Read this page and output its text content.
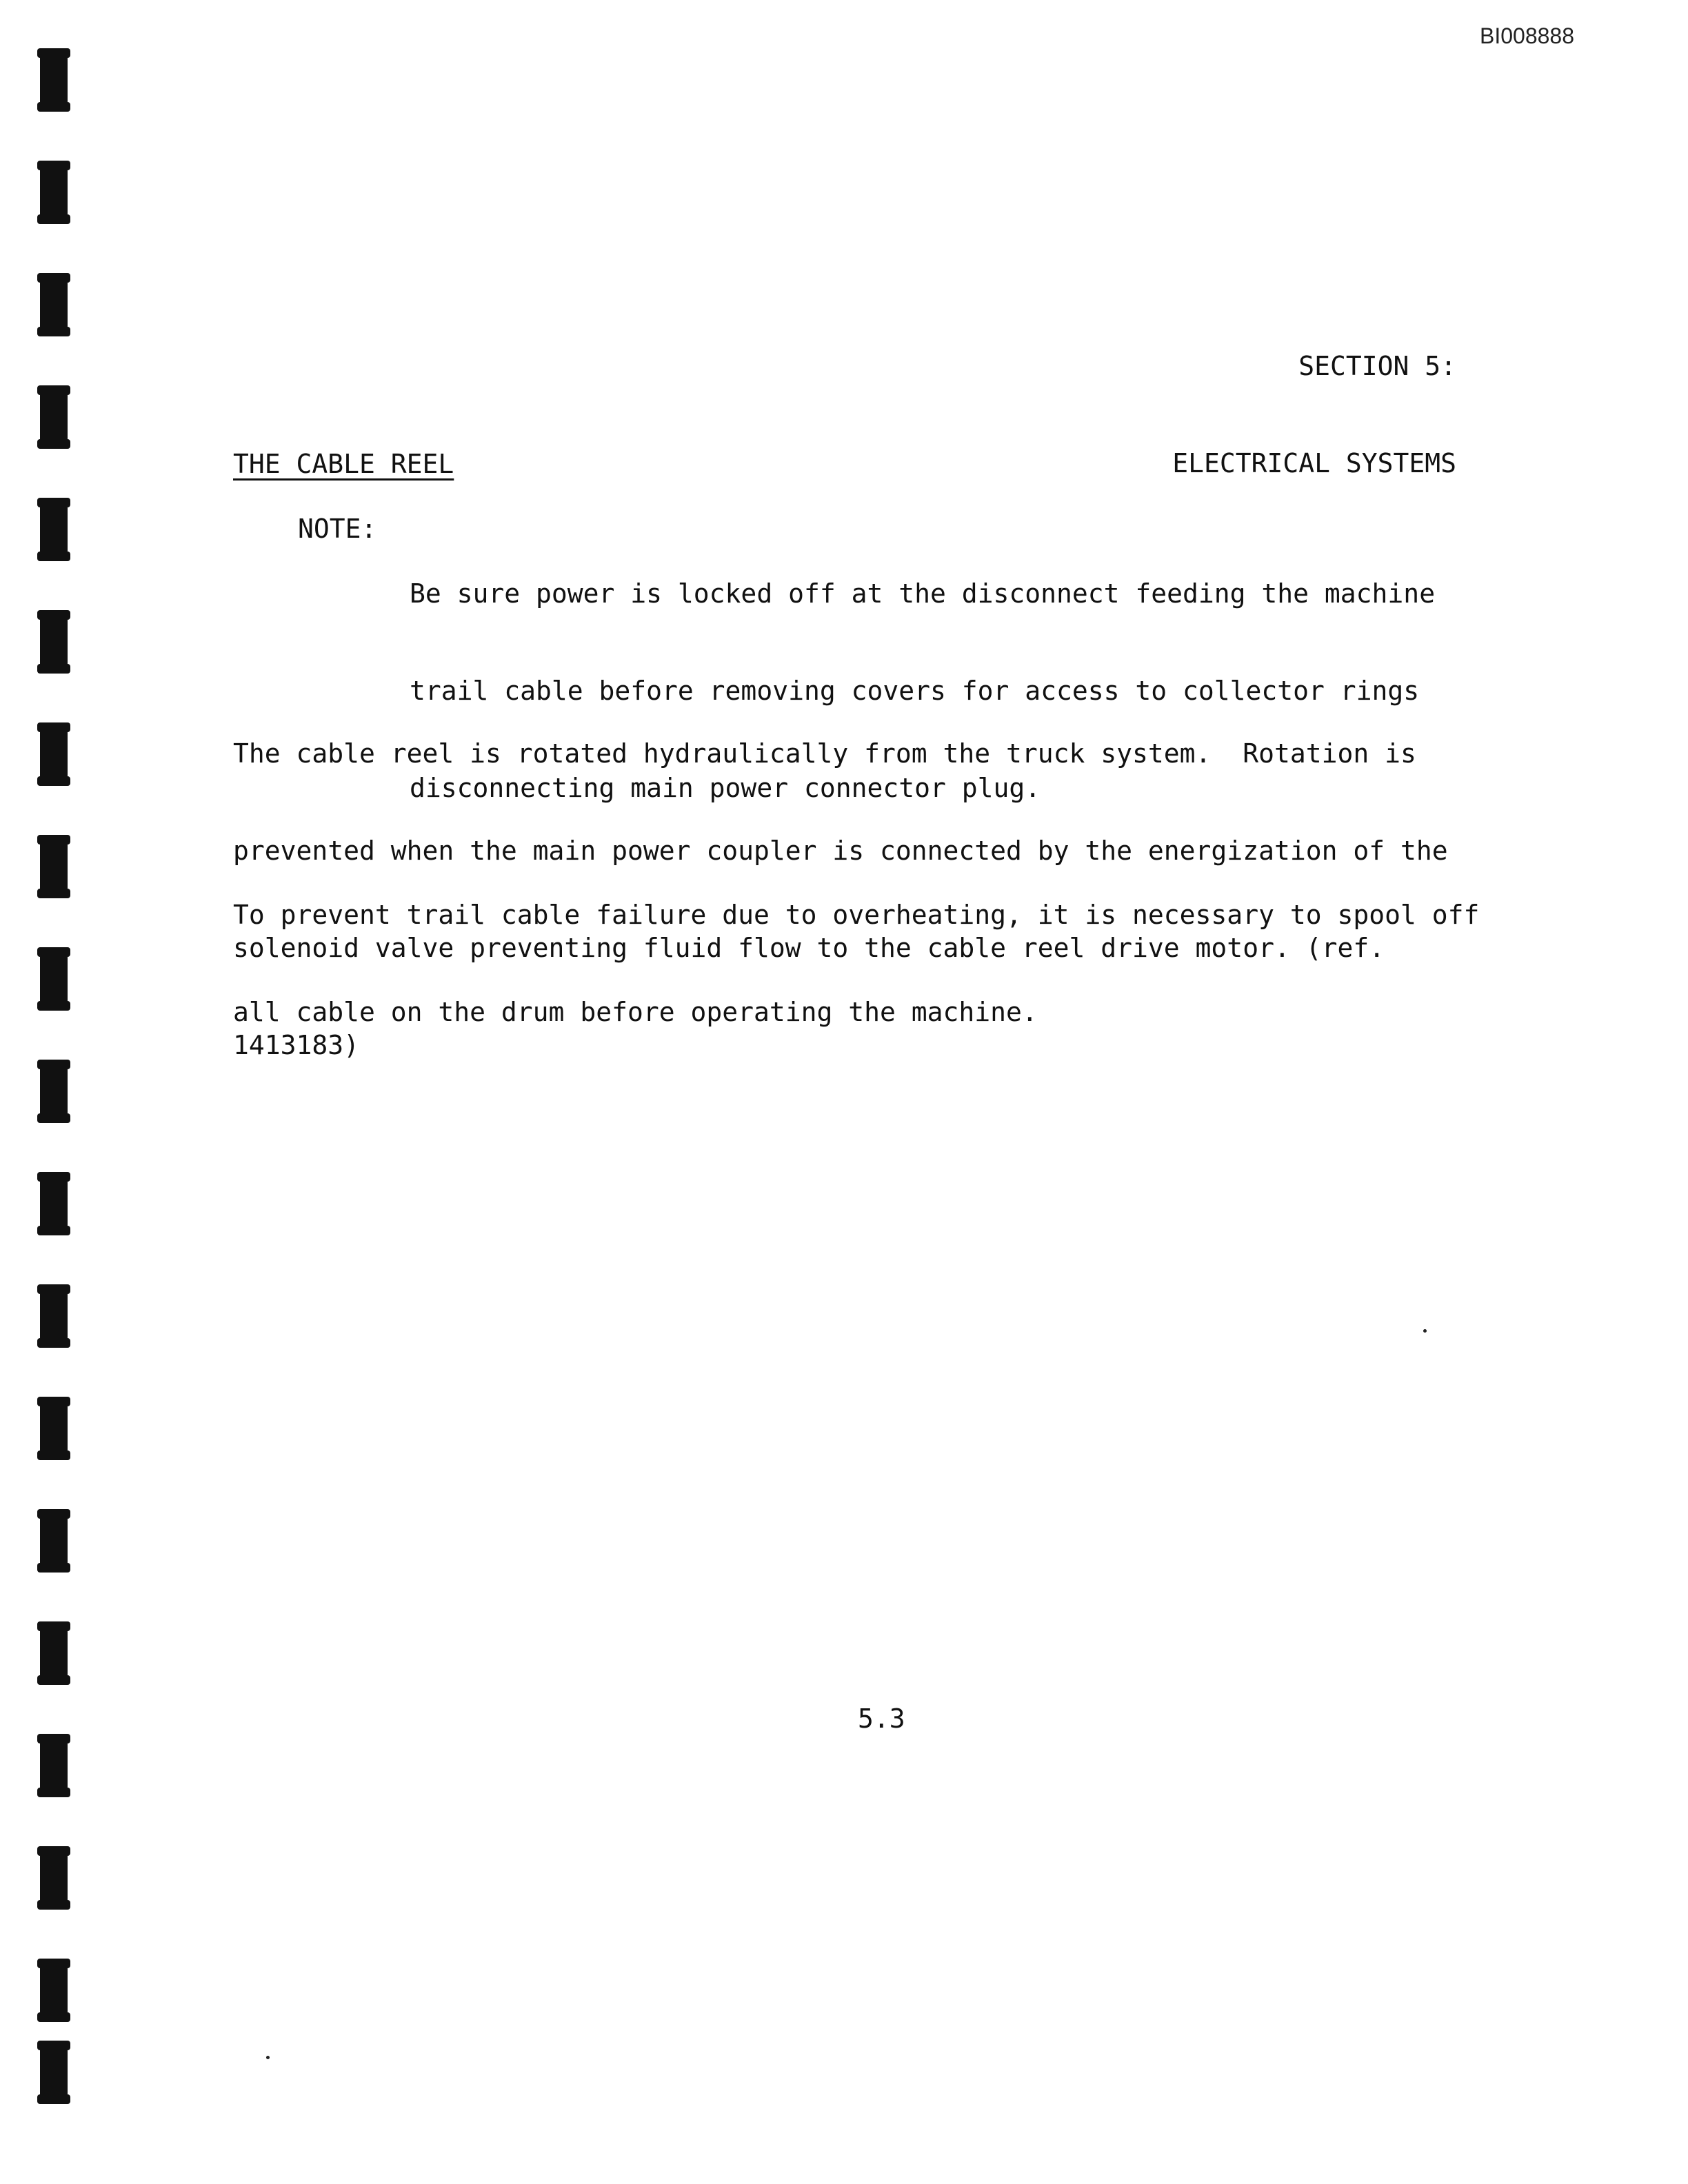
BI008888

SECTION 5:

ELECTRICAL SYSTEMS

THE CABLE REEL
NOTE:

Be sure power is locked off at the disconnect feeding the machine

trail cable before removing covers for access to collector rings

disconnecting main power connector plug.

The cable reel is rotated hydraulically from the truck system.  Rotation is

prevented when the main power coupler is connected by the energization of the

solenoid valve preventing fluid flow to the cable reel drive motor. (ref.

1413183)

To prevent trail cable failure due to overheating, it is necessary to spool off

all cable on the drum before operating the machine.

5.3
